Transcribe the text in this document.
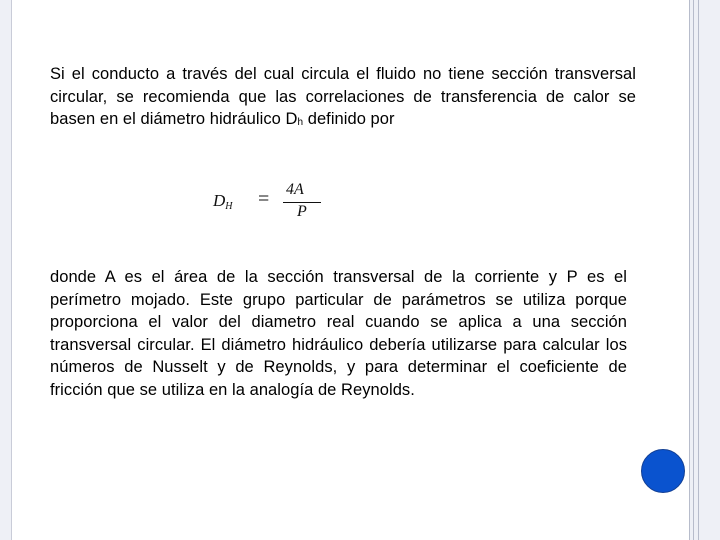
Si el conducto a través del cual circula el fluido no tiene sección transversal circular, se recomienda que las correlaciones de transferencia de calor se basen en el diámetro hidráulico Dh definido por

DH = 4A
P

donde A es el área de la sección transversal de la corriente y P es el perímetro mojado. Este grupo particular de parámetros se utiliza porque proporciona el valor del diametro real cuando se aplica a una sección transversal circular. El diámetro hidráulico debería utilizarse para calcular los números de Nusselt y de Reynolds, y para determinar el coeficiente de fricción que se utiliza en la analogía de Reynolds.
